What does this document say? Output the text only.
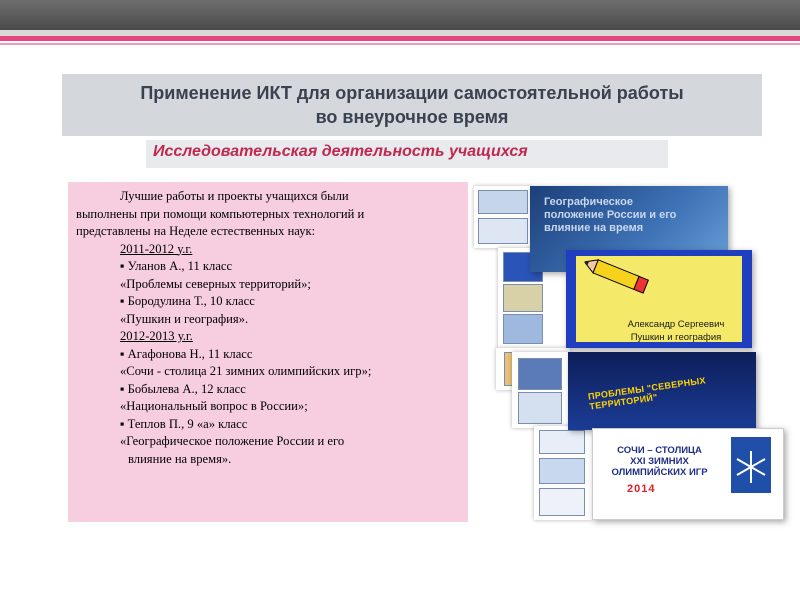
Применение ИКТ для организации самостоятельной работы
во внеурочное время
Исследовательская деятельность учащихся
Лучшие работы и проекты учащихся были
выполнены при помощи компьютерных технологий и
представлены на Неделе естественных наук:
2011-2012 у.г.
▪ Уланов А., 11 класс
«Проблемы северных территорий»;
▪ Бородулина Т., 10 класс
«Пушкин и география».
2012-2013 у.г.
▪ Агафонова Н., 11 класс
«Сочи - столица 21 зимних олимпийских игр»;
▪ Бобылева А., 12 класс
«Национальный вопрос в России»;
▪ Теплов П., 9 «а» класс
«Географическое положение России и его
влияние на время».
Географическое
положение России и его
влияние на время
Александр Сергеевич
Пушкин и география
ПРОБЛЕМЫ "СЕВЕРНЫХ ТЕРРИТОРИЙ"
СОЧИ – СТОЛИЦА
XXI ЗИМНИХ
ОЛИМПИЙСКИХ ИГР
2014
